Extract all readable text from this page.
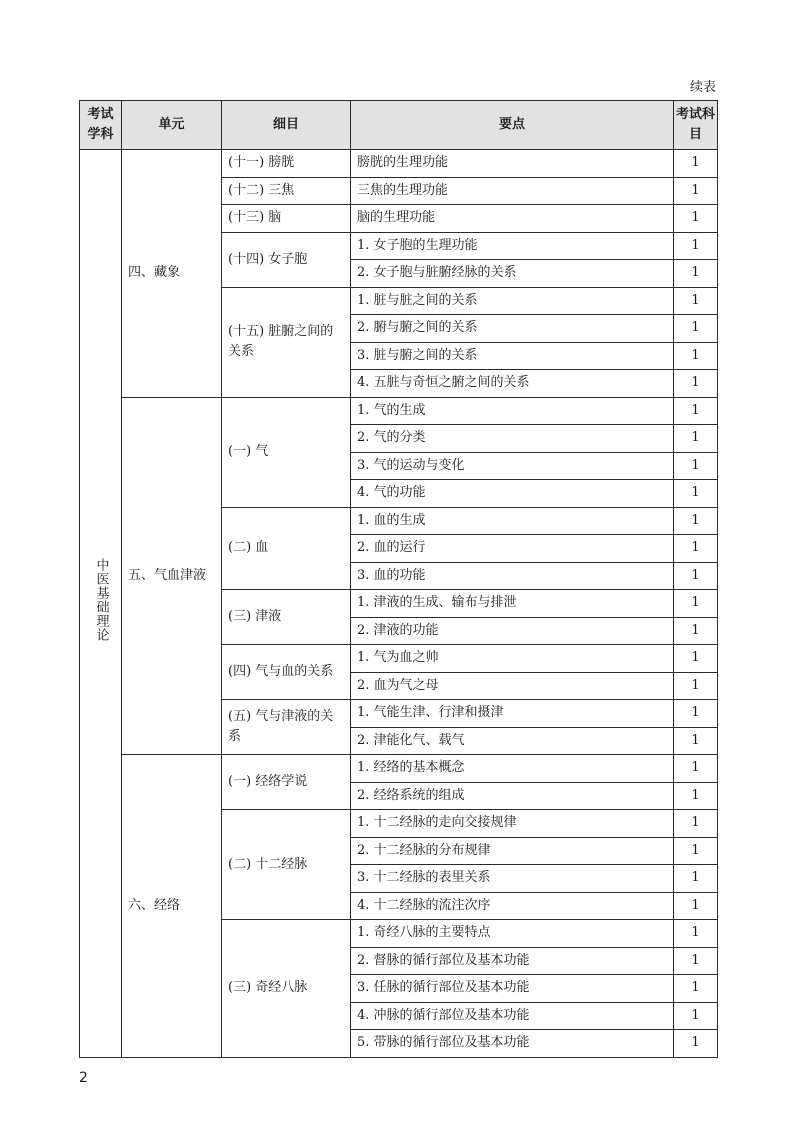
续表
考试学科	单元	细目	要点	考试科目
中医基础理论	四、藏象	(十一) 膀胱	膀胱的生理功能	1
		(十二) 三焦	三焦的生理功能	1
		(十三) 脑	脑的生理功能	1
		(十四) 女子胞	1. 女子胞的生理功能	1
			2. 女子胞与脏腑经脉的关系	1
		(十五) 脏腑之间的关系	1. 脏与脏之间的关系	1
			2. 腑与腑之间的关系	1
			3. 脏与腑之间的关系	1
			4. 五脏与奇恒之腑之间的关系	1
	五、气血津液	(一) 气	1. 气的生成	1
			2. 气的分类	1
			3. 气的运动与变化	1
			4. 气的功能	1
		(二) 血	1. 血的生成	1
			2. 血的运行	1
			3. 血的功能	1
		(三) 津液	1. 津液的生成、输布与排泄	1
			2. 津液的功能	1
		(四) 气与血的关系	1. 气为血之帅	1
			2. 血为气之母	1
		(五) 气与津液的关系	1. 气能生津、行津和摄津	1
			2. 津能化气、载气	1
	六、经络	(一) 经络学说	1. 经络的基本概念	1
			2. 经络系统的组成	1
		(二) 十二经脉	1. 十二经脉的走向交接规律	1
			2. 十二经脉的分布规律	1
			3. 十二经脉的表里关系	1
			4. 十二经脉的流注次序	1
		(三) 奇经八脉	1. 奇经八脉的主要特点	1
			2. 督脉的循行部位及基本功能	1
			3. 任脉的循行部位及基本功能	1
			4. 冲脉的循行部位及基本功能	1
			5. 带脉的循行部位及基本功能	1
2
